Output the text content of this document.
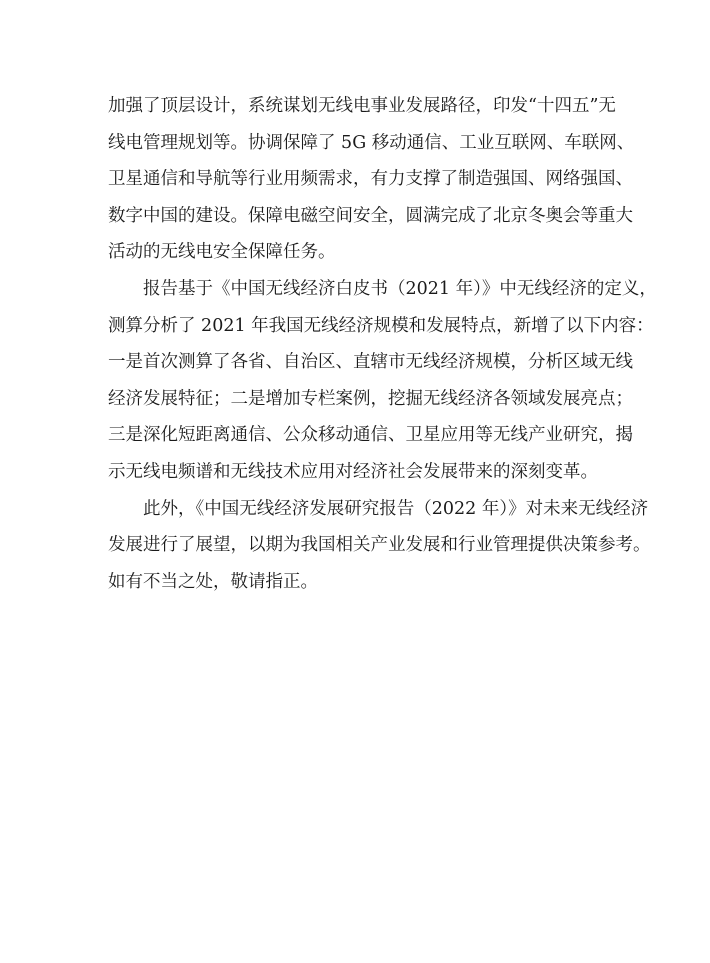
加强了顶层设计，系统谋划无线电事业发展路径，印发“十四五”无
线电管理规划等。协调保障了 5G 移动通信、工业互联网、车联网、
卫星通信和导航等行业用频需求，有力支撑了制造强国、网络强国、
数字中国的建设。保障电磁空间安全，圆满完成了北京冬奥会等重大
活动的无线电安全保障任务。
报告基于《中国无线经济白皮书（2021 年）》中无线经济的定义，
测算分析了 2021 年我国无线经济规模和发展特点，新增了以下内容：
一是首次测算了各省、自治区、直辖市无线经济规模，分析区域无线
经济发展特征；二是增加专栏案例，挖掘无线经济各领域发展亮点；
三是深化短距离通信、公众移动通信、卫星应用等无线产业研究，揭
示无线电频谱和无线技术应用对经济社会发展带来的深刻变革。
此外，《中国无线经济发展研究报告（2022 年）》对未来无线经济
发展进行了展望，以期为我国相关产业发展和行业管理提供决策参考。
如有不当之处，敬请指正。
